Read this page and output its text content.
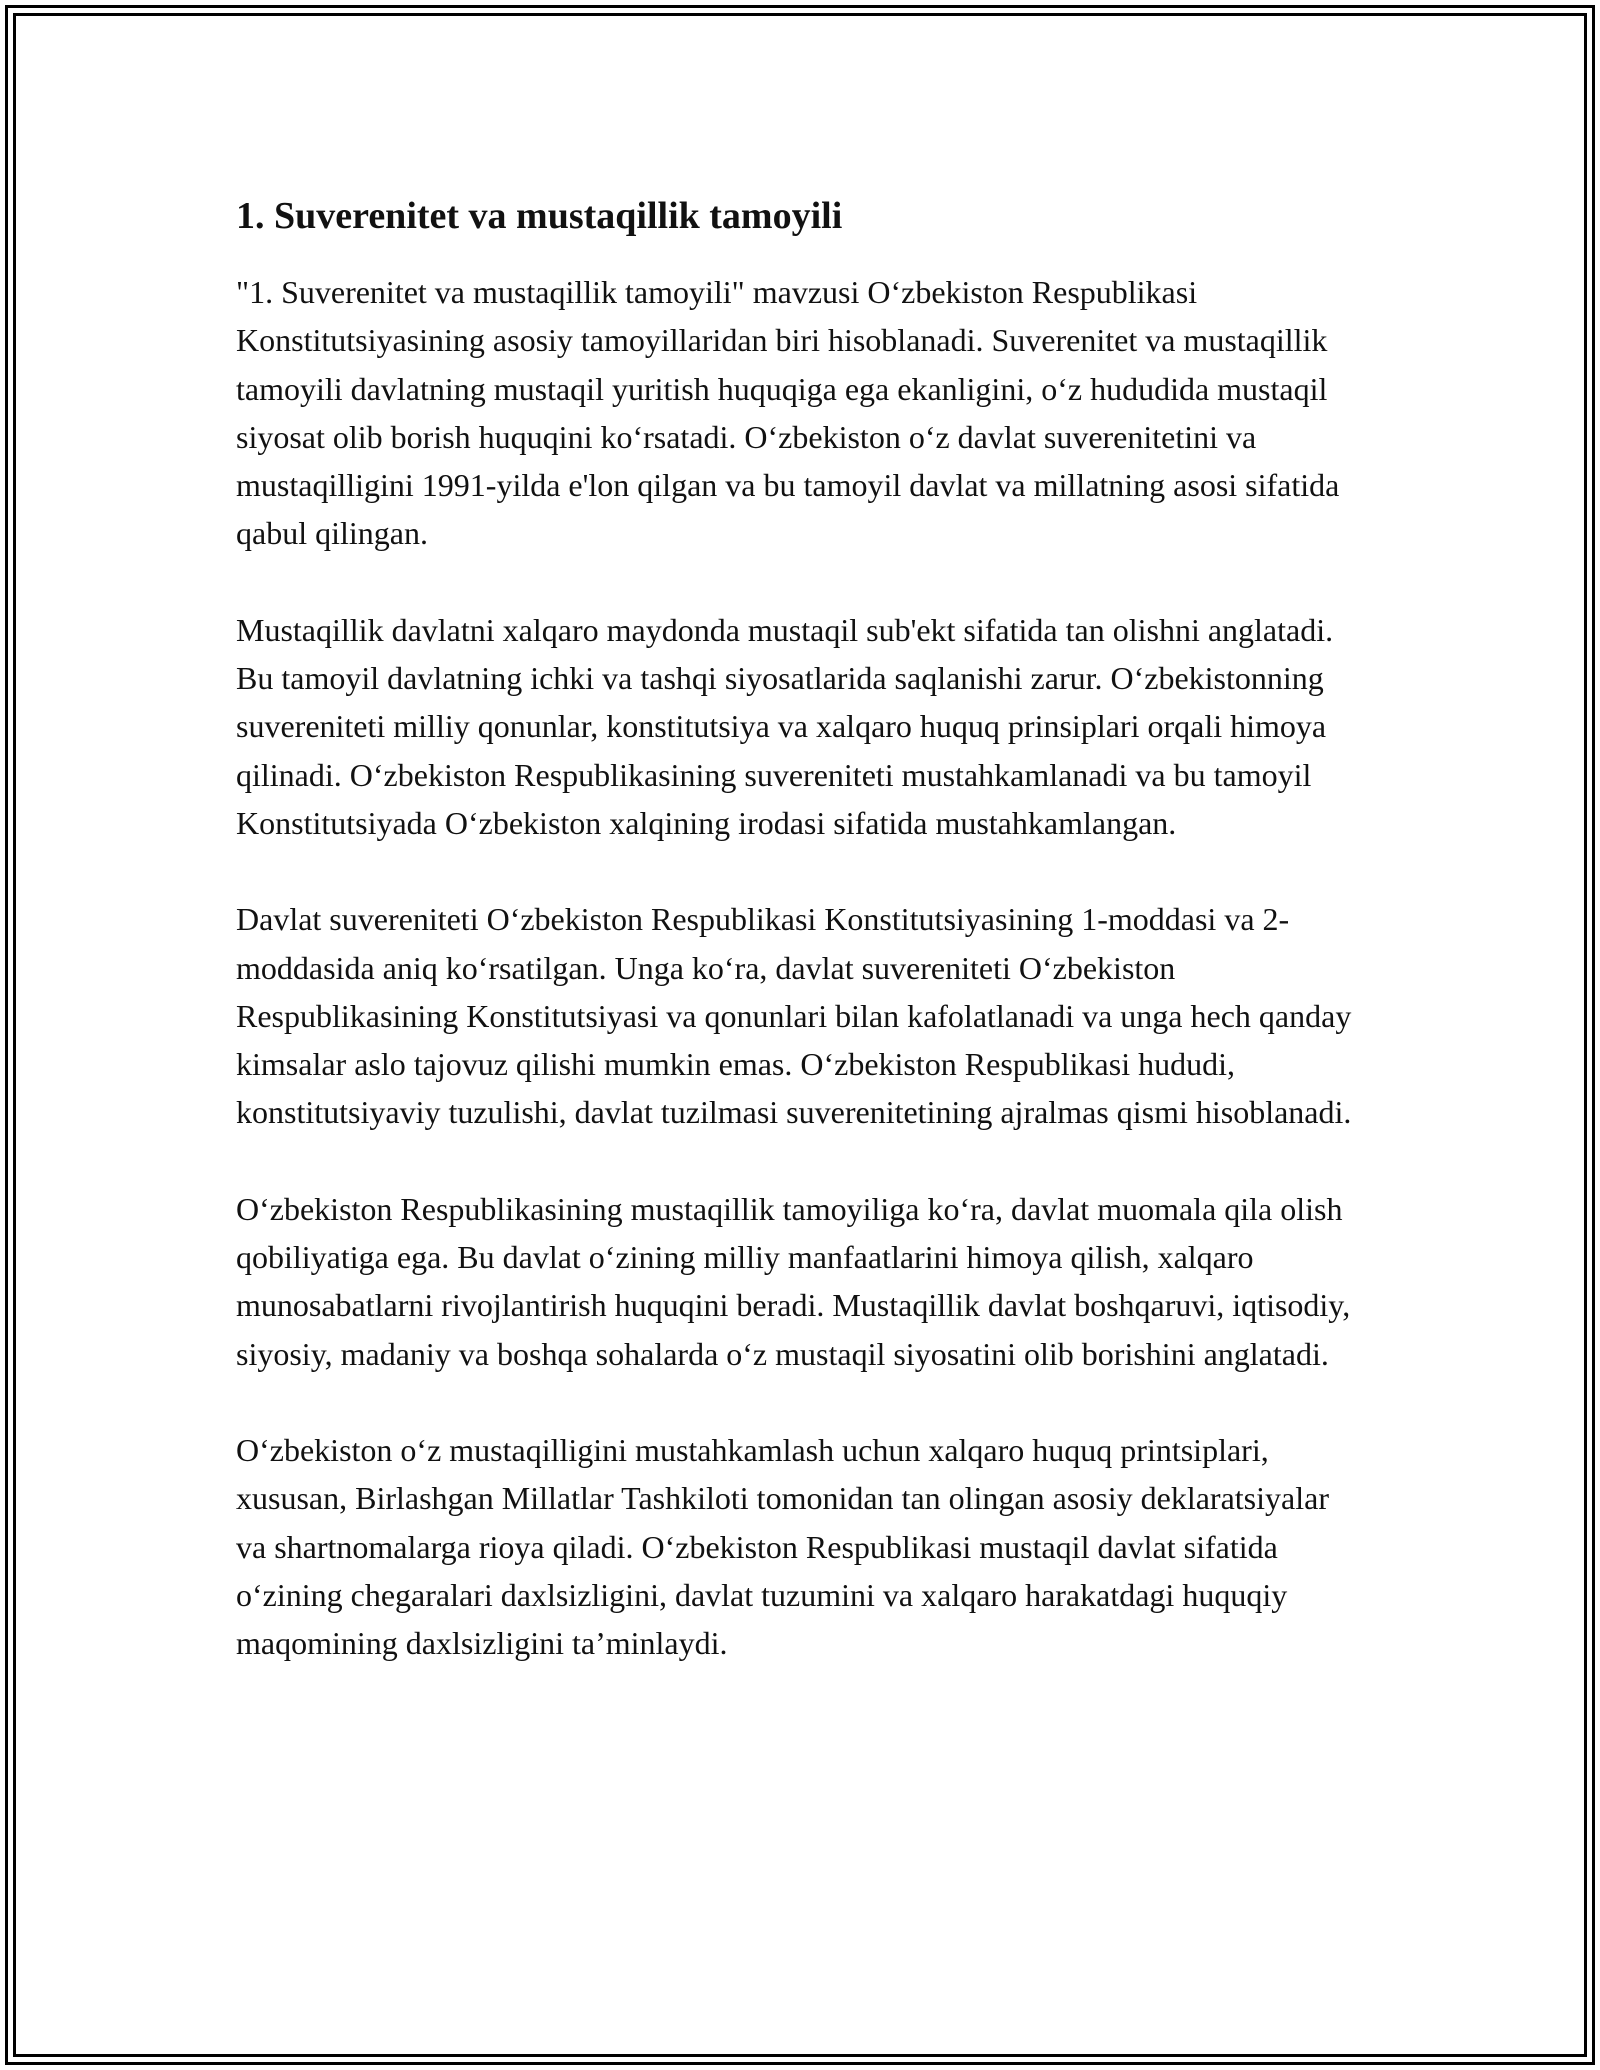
1. Suverenitet va mustaqillik tamoyili

"1. Suverenitet va mustaqillik tamoyili" mavzusi O‘zbekiston Respublikasi Konstitutsiyasining asosiy tamoyillaridan biri hisoblanadi. Suverenitet va mustaqillik tamoyili davlatning mustaqil yuritish huquqiga ega ekanligini, o‘z hududida mustaqil siyosat olib borish huquqini ko‘rsatadi. O‘zbekiston o‘z davlat suverenitetini va mustaqilligini 1991-yilda e'lon qilgan va bu tamoyil davlat va millatning asosi sifatida qabul qilingan.

Mustaqillik davlatni xalqaro maydonda mustaqil sub'ekt sifatida tan olishni anglatadi. Bu tamoyil davlatning ichki va tashqi siyosatlarida saqlanishi zarur. O‘zbekistonning suvereniteti milliy qonunlar, konstitutsiya va xalqaro huquq prinsiplari orqali himoya qilinadi. O‘zbekiston Respublikasining suvereniteti mustahkamlanadi va bu tamoyil Konstitutsiyada O‘zbekiston xalqining irodasi sifatida mustahkamlangan.

Davlat suvereniteti O‘zbekiston Respublikasi Konstitutsiyasining 1-moddasi va 2-moddasida aniq ko‘rsatilgan. Unga ko‘ra, davlat suvereniteti O‘zbekiston Respublikasining Konstitutsiyasi va qonunlari bilan kafolatlanadi va unga hech qanday kimsalar aslo tajovuz qilishi mumkin emas. O‘zbekiston Respublikasi hududi, konstitutsiyaviy tuzulishi, davlat tuzilmasi suverenitetining ajralmas qismi hisoblanadi.

O‘zbekiston Respublikasining mustaqillik tamoyiliga ko‘ra, davlat muomala qila olish qobiliyatiga ega. Bu davlat o‘zining milliy manfaatlarini himoya qilish, xalqaro munosabatlarni rivojlantirish huquqini beradi. Mustaqillik davlat boshqaruvi, iqtisodiy, siyosiy, madaniy va boshqa sohalarda o‘z mustaqil siyosatini olib borishini anglatadi.

O‘zbekiston o‘z mustaqilligini mustahkamlash uchun xalqaro huquq printsiplari, xususan, Birlashgan Millatlar Tashkiloti tomonidan tan olingan asosiy deklaratsiyalar va shartnomalarga rioya qiladi. O‘zbekiston Respublikasi mustaqil davlat sifatida o‘zining chegaralari daxlsizligini, davlat tuzumini va xalqaro harakatdagi huquqiy maqomining daxlsizligini ta’minlaydi.
